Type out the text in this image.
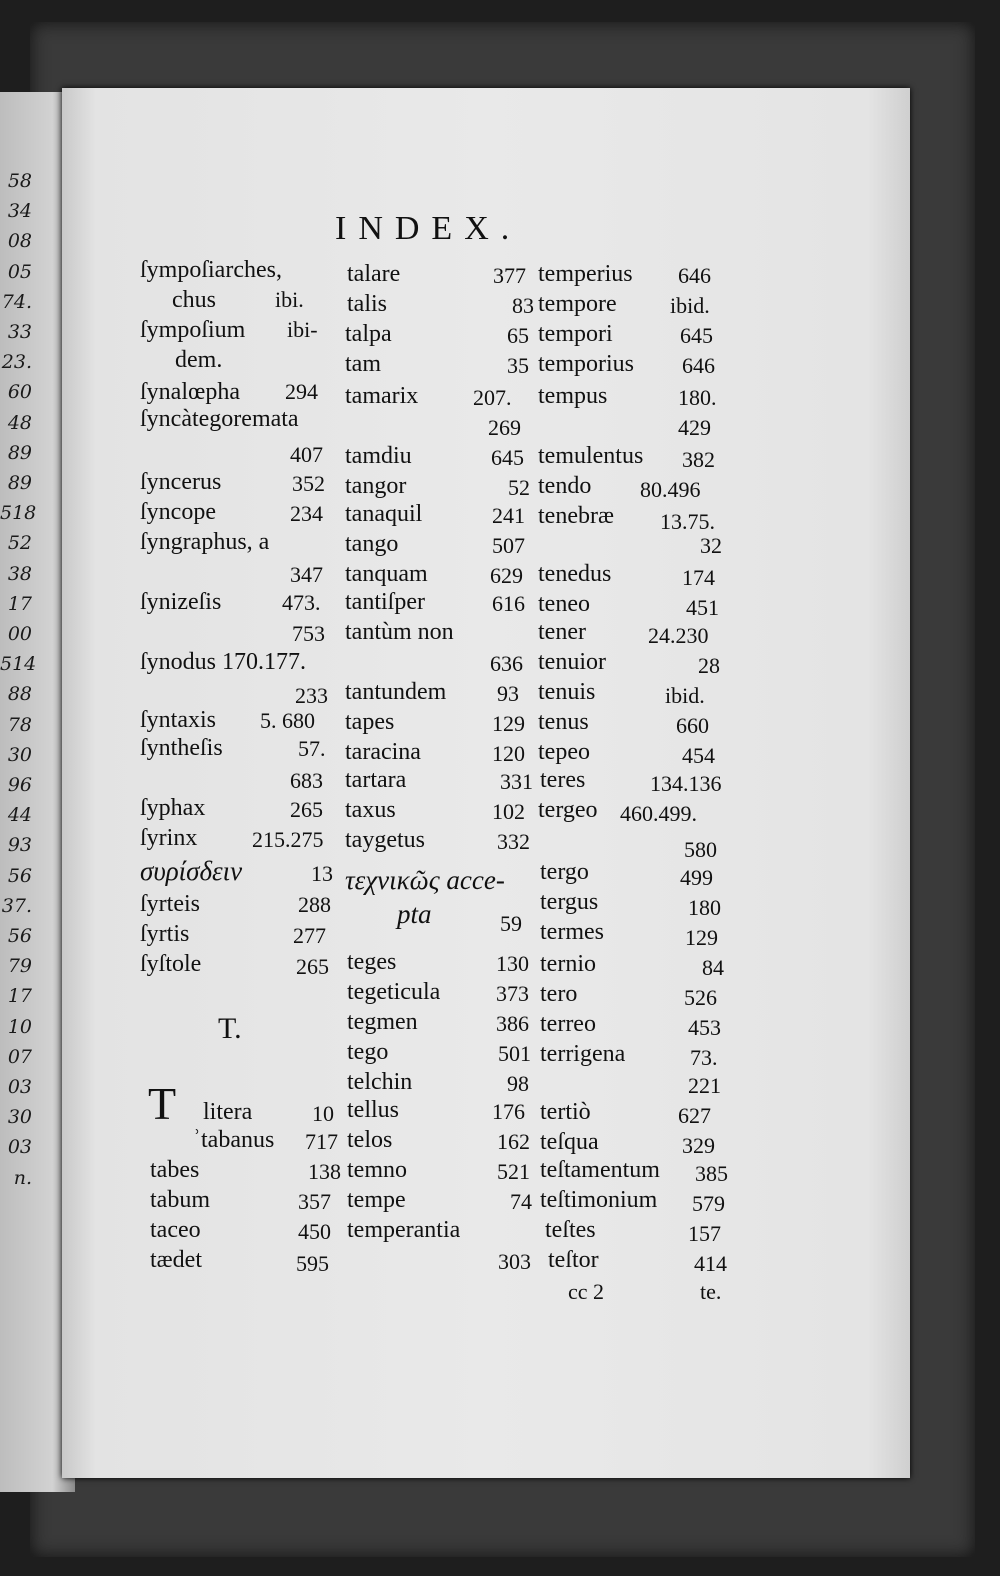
58
34
08
05
74.
33
23.
60
48
89
89
518
52
38
17
00
514
88
78
30
96
44
93
56
37.
56
79
17
10
07
03
30
03
n.
INDEX.
ſympoſiarches,
chus	ibi.
ſympoſium ibi-
dem.
ſynalœpha 294
ſyncàtegoremata
407
ſyncerus	352
ſyncope	234
ſyngraphus, a
347
ſynizeſis	473.
753
ſynodus 170.177.
233
ſyntaxis 5. 680
ſyntheſis	57.
683
ſyphax	265
ſyrinx 215.275
συρίσδειν	13
ſyrteis	288
ſyrtis	277
ſyſtole	265
T.
T litera	10
ʾtabanus 717
tabes	138
tabum	357
taceo	450
tædet	595
talare	377
talis	83
talpa	65
tam	35
tamarix 207.
269
tamdiu	645
tangor	52
tanaquil	241
tango	507
tanquam	629
tantiſper	616
tantùm non
636
tantundem 93
tapes	129
taracina	120
tartara	331
taxus	102
taygetus	332
τεχνικῶς acce-
pta	59
teges	130
tegeticula	373
tegmen	386
tego	501
telchin	98
tellus	176
telos	162
temno	521
tempe	74
temperantia
303
temperius 646
tempore ibid.
tempori	645
temporius 646
tempus	180.
429
temulentus 382
tendo 80.496
tenebræ 13.75.
32
tenedus	174
teneo	451
tener	24.230
tenuior	28
tenuis	ibid.
tenus	660
tepeo	454
teres	134.136
tergeo 460.499.
580
tergo	499
tergus	180
termes	129
ternio	84
tero	526
terreo	453
terrigena	73.
221
tertiò	627
teſqua	329
teſtamentum 385
teſtimonium 579
teſtes	157
teſtor	414
cc 2	te.
